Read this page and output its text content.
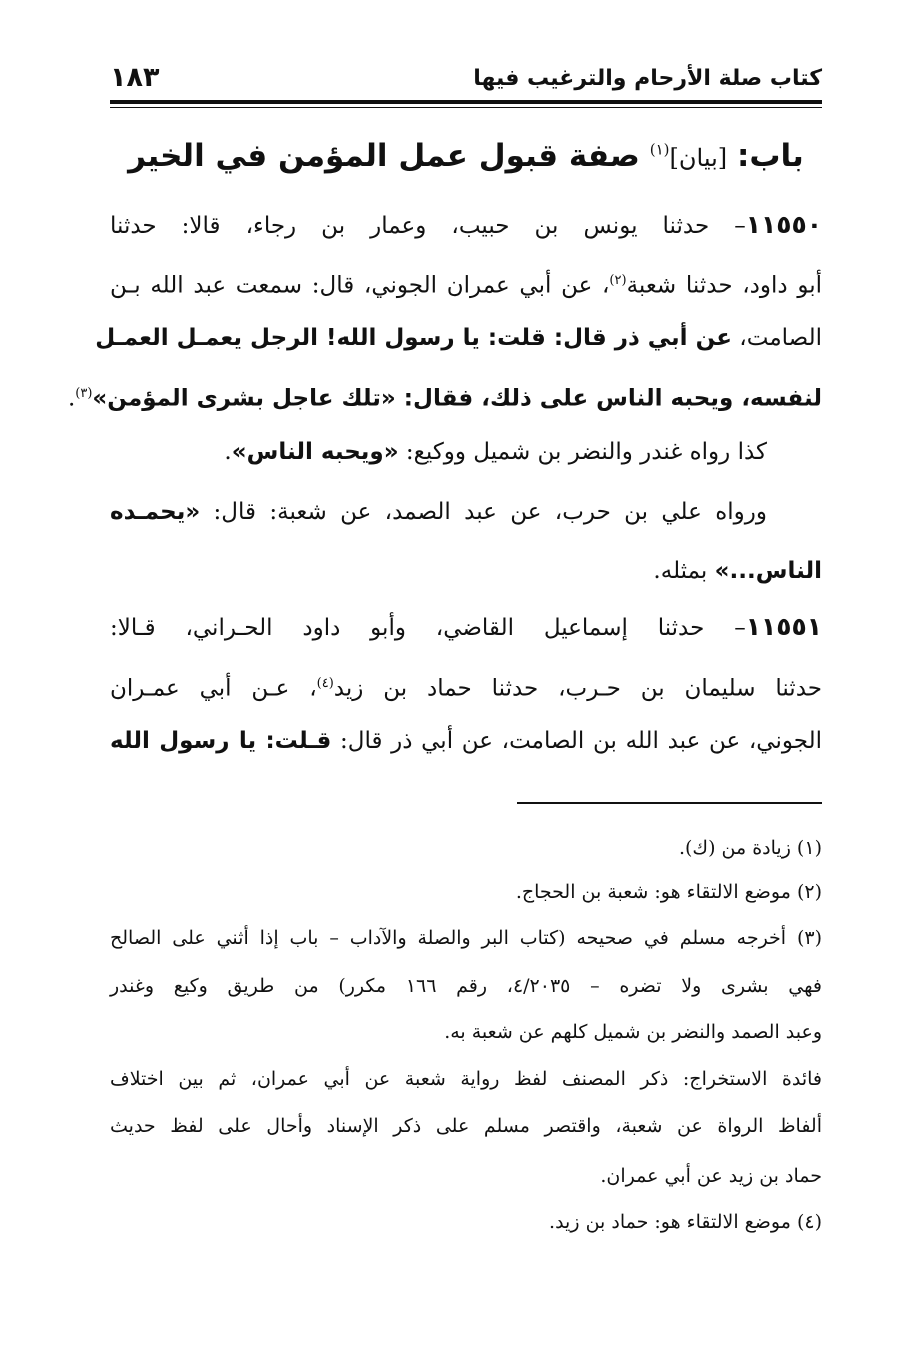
كتاب صلة الأرحام والترغيب فيها
١٨٣
باب: [بيان]$^{(١)}$ صفة قبول عمل المؤمن في الخير
١١٥٥٠– حدثنا يونس بن حبيب، وعمار بن رجاء، قالا: حدثنا
أبو داود، حدثنا شعبة$^{(٢)}$، عن أبي عمران الجوني، قال: سمعت عبد الله بـن
الصامت، عن أبي ذر قال: قلت: يا رسول الله! الرجل يعمـل العمـل
لنفسه، ويحبه الناس على ذلك، فقال: «تلك عاجل بشرى المؤمن»$^{(٣)}$.
كذا رواه غندر والنضر بن شميل ووكيع: «ويحبه الناس».
ورواه علي بن حرب، عن عبد الصمد، عن شعبة: قال: «يحمـده
الناس...» بمثله.
١١٥٥١– حدثنا إسماعيل القاضي، وأبو داود الحـراني، قـالا:
حدثنا سليمان بن حـرب، حدثنا حماد بن زيد$^{(٤)}$، عـن أبي عمـران
الجوني، عن عبد الله بن الصامت، عن أبي ذر قال: قـلت: يا رسول الله
(١) زيادة من (ك).
(٢) موضع الالتقاء هو: شعبة بن الحجاج.
(٣) أخرجه مسلم في صحيحه (كتاب البر والصلة والآداب – باب إذا أثني على الصالح
فهي بشرى ولا تضره – ٤/٢٠٣٥، رقم ١٦٦ مكرر) من طريق وكيع وغندر
وعبد الصمد والنضر بن شميل كلهم عن شعبة به.
فائدة الاستخراج: ذكر المصنف لفظ رواية شعبة عن أبي عمران، ثم بين اختلاف
ألفاظ الرواة عن شعبة، واقتصر مسلم على ذكر الإسناد وأحال على لفظ حديث
حماد بن زيد عن أبي عمران.
(٤) موضع الالتقاء هو: حماد بن زيد.
